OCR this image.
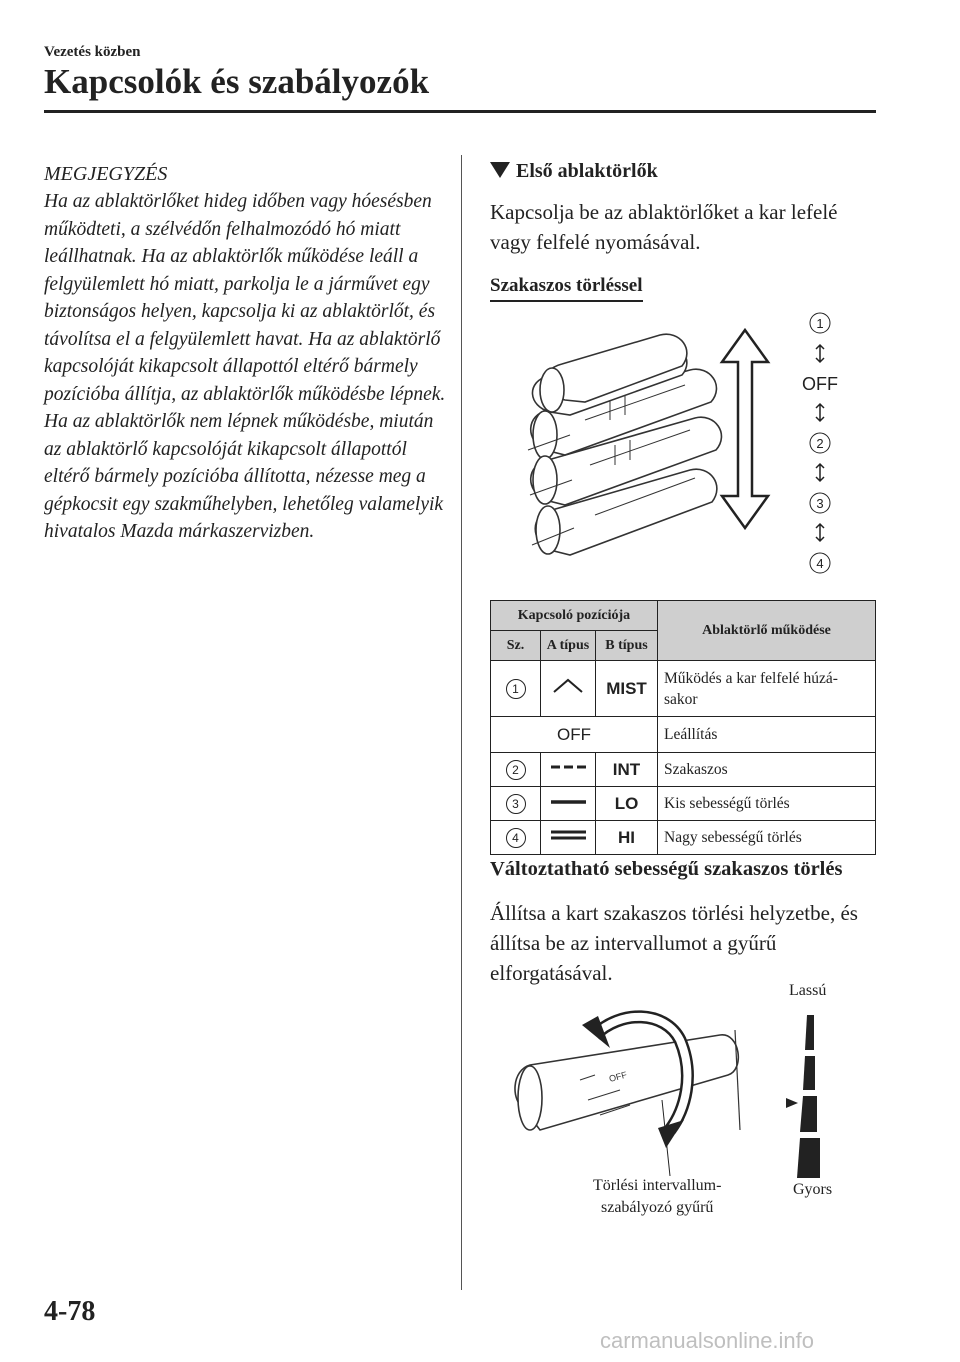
Vezetés közben
Kapcsolók és szabályozók
MEGJEGYZÉS
Ha az ablaktörlőket hideg időben vagy hóesésben működteti, a szélvédőn felhalmozódó hó miatt leállhatnak. Ha az ablaktörlők működése leáll a felgyülemlett hó miatt, parkolja le a járművet egy biztonságos helyen, kapcsolja ki az ablaktörlőt, és távolítsa el a felgyülemlett havat. Ha az ablaktörlő kapcsolóját kikapcsolt állapottól eltérő bármely pozícióba állítja, az ablaktörlők működésbe lépnek. Ha az ablaktörlők nem lépnek működésbe, miután az ablaktörlő kapcsolóját kikapcsolt állapottól eltérő bármely pozícióba állította, nézesse meg a gépkocsit egy szakműhelyben, lehetőleg valamelyik hivatalos Mazda márkaszervizben.
Első ablaktörlők
Kapcsolja be az ablaktörlőket a kar lefelé vagy felfelé nyomásával.
Szakaszos törléssel
1
OFF
2
3
4
Kapcsoló pozíciója			Ablaktörlő működése
Sz.	A típus	B típus	
1		MIST	Működés a kar felfelé húzá- sakor
OFF			Leállítás
2		INT	Szakaszos
3		LO	Kis sebességű törlés
4		HI	Nagy sebességű törlés
Változtatható sebességű szakaszos törlés
Állítsa a kart szakaszos törlési helyzetbe, és állítsa be az intervallumot a gyűrű elforgatásával.
OFF
Lassú
Gyors
Törlési intervallum-
szabályozó gyűrű
4-78
carmanualsonline.info
